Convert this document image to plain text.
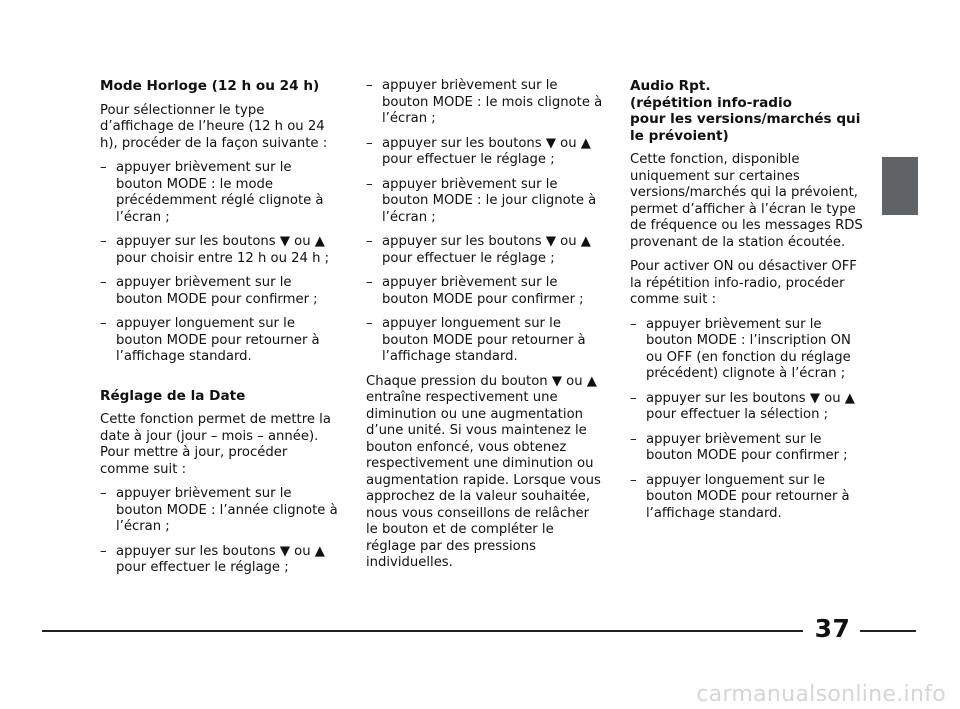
Mode Horloge (12 h ou 24 h)

Pour sélectionner le type d’affichage de l’heure (12 h ou 24 h), procéder de la façon suivante :

– appuyer brièvement sur le bouton MODE : le mode précédemment réglé clignote à l’écran ;
– appuyer sur les boutons ▼ ou ▲ pour choisir entre 12 h ou 24 h ;
– appuyer brièvement sur le bouton MODE pour confirmer ;
– appuyer longuement sur le bouton MODE pour retourner à l’affichage standard.
Réglage de la Date

Cette fonction permet de mettre la date à jour (jour – mois – année). Pour mettre à jour, procéder comme suit :

– appuyer brièvement sur le bouton MODE : l’année clignote à l’écran ;
– appuyer sur les boutons ▼ ou ▲ pour effectuer le réglage ;
– appuyer brièvement sur le bouton MODE : le mois clignote à l’écran ;
– appuyer sur les boutons ▼ ou ▲ pour effectuer le réglage ;
– appuyer brièvement sur le bouton MODE : le jour clignote à l’écran ;
– appuyer sur les boutons ▼ ou ▲ pour effectuer le réglage ;
– appuyer brièvement sur le bouton MODE pour confirmer ;
– appuyer longuement sur le bouton MODE pour retourner à l’affichage standard.

Chaque pression du bouton ▼ ou ▲ entraîne respectivement une diminution ou une augmentation d’une unité. Si vous maintenez le bouton enfoncé, vous obtenez respectivement une diminution ou augmentation rapide. Lorsque vous approchez de la valeur souhaitée, nous vous conseillons de relâcher le bouton et de compléter le réglage par des pressions individuelles.

Audio Rpt.
(répétition info-radio
pour les versions/marchés qui
le prévoient)

Cette fonction, disponible uniquement sur certaines versions/marchés qui la prévoient, permet d’afficher à l’écran le type de fréquence ou les messages RDS provenant de la station écoutée.

Pour activer ON ou désactiver OFF la répétition info-radio, procéder comme suit :

– appuyer brièvement sur le bouton MODE : l’inscription ON ou OFF (en fonction du réglage précédent) clignote à l’écran ;
– appuyer sur les boutons ▼ ou ▲ pour effectuer la sélection ;
– appuyer brièvement sur le bouton MODE pour confirmer ;
– appuyer longuement sur le bouton MODE pour retourner à l’affichage standard.
37
carmanualsonline.info
